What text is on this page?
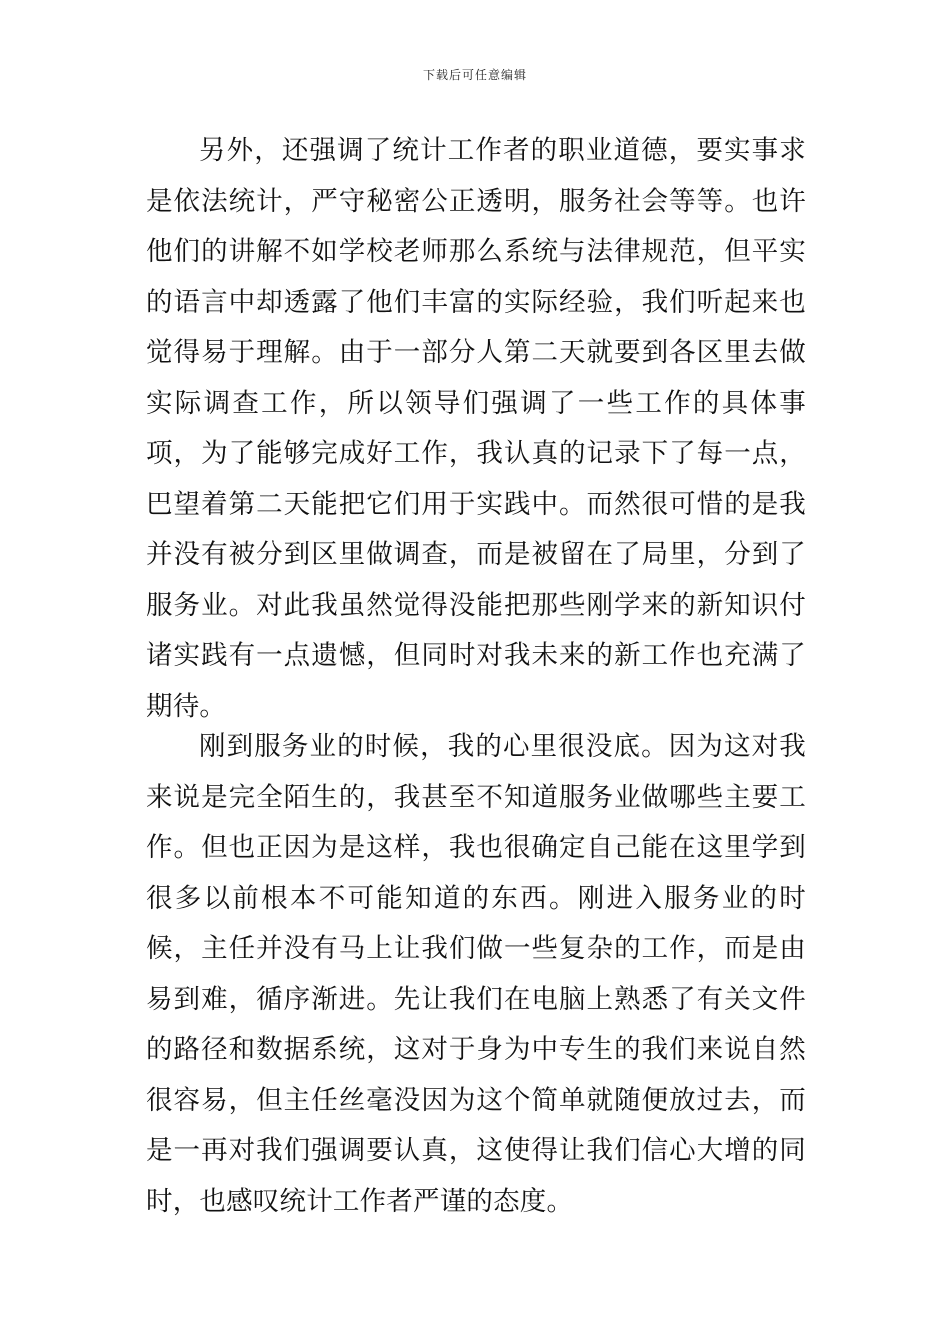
下载后可任意编辑

另外，还强调了统计工作者的职业道德，要实事求是依法统计，严守秘密公正透明，服务社会等等。也许他们的讲解不如学校老师那么系统与法律规范，但平实的语言中却透露了他们丰富的实际经验，我们听起来也觉得易于理解。由于一部分人第二天就要到各区里去做实际调查工作，所以领导们强调了一些工作的具体事项，为了能够完成好工作，我认真的记录下了每一点，巴望着第二天能把它们用于实践中。而然很可惜的是我并没有被分到区里做调查，而是被留在了局里，分到了服务业。对此我虽然觉得没能把那些刚学来的新知识付诸实践有一点遗憾，但同时对我未来的新工作也充满了期待。

刚到服务业的时候，我的心里很没底。因为这对我来说是完全陌生的，我甚至不知道服务业做哪些主要工作。但也正因为是这样，我也很确定自己能在这里学到很多以前根本不可能知道的东西。刚进入服务业的时候，主任并没有马上让我们做一些复杂的工作，而是由易到难，循序渐进。先让我们在电脑上熟悉了有关文件的路径和数据系统，这对于身为中专生的我们来说自然很容易，但主任丝毫没因为这个简单就随便放过去，而是一再对我们强调要认真，这使得让我们信心大增的同时，也感叹统计工作者严谨的态度。
